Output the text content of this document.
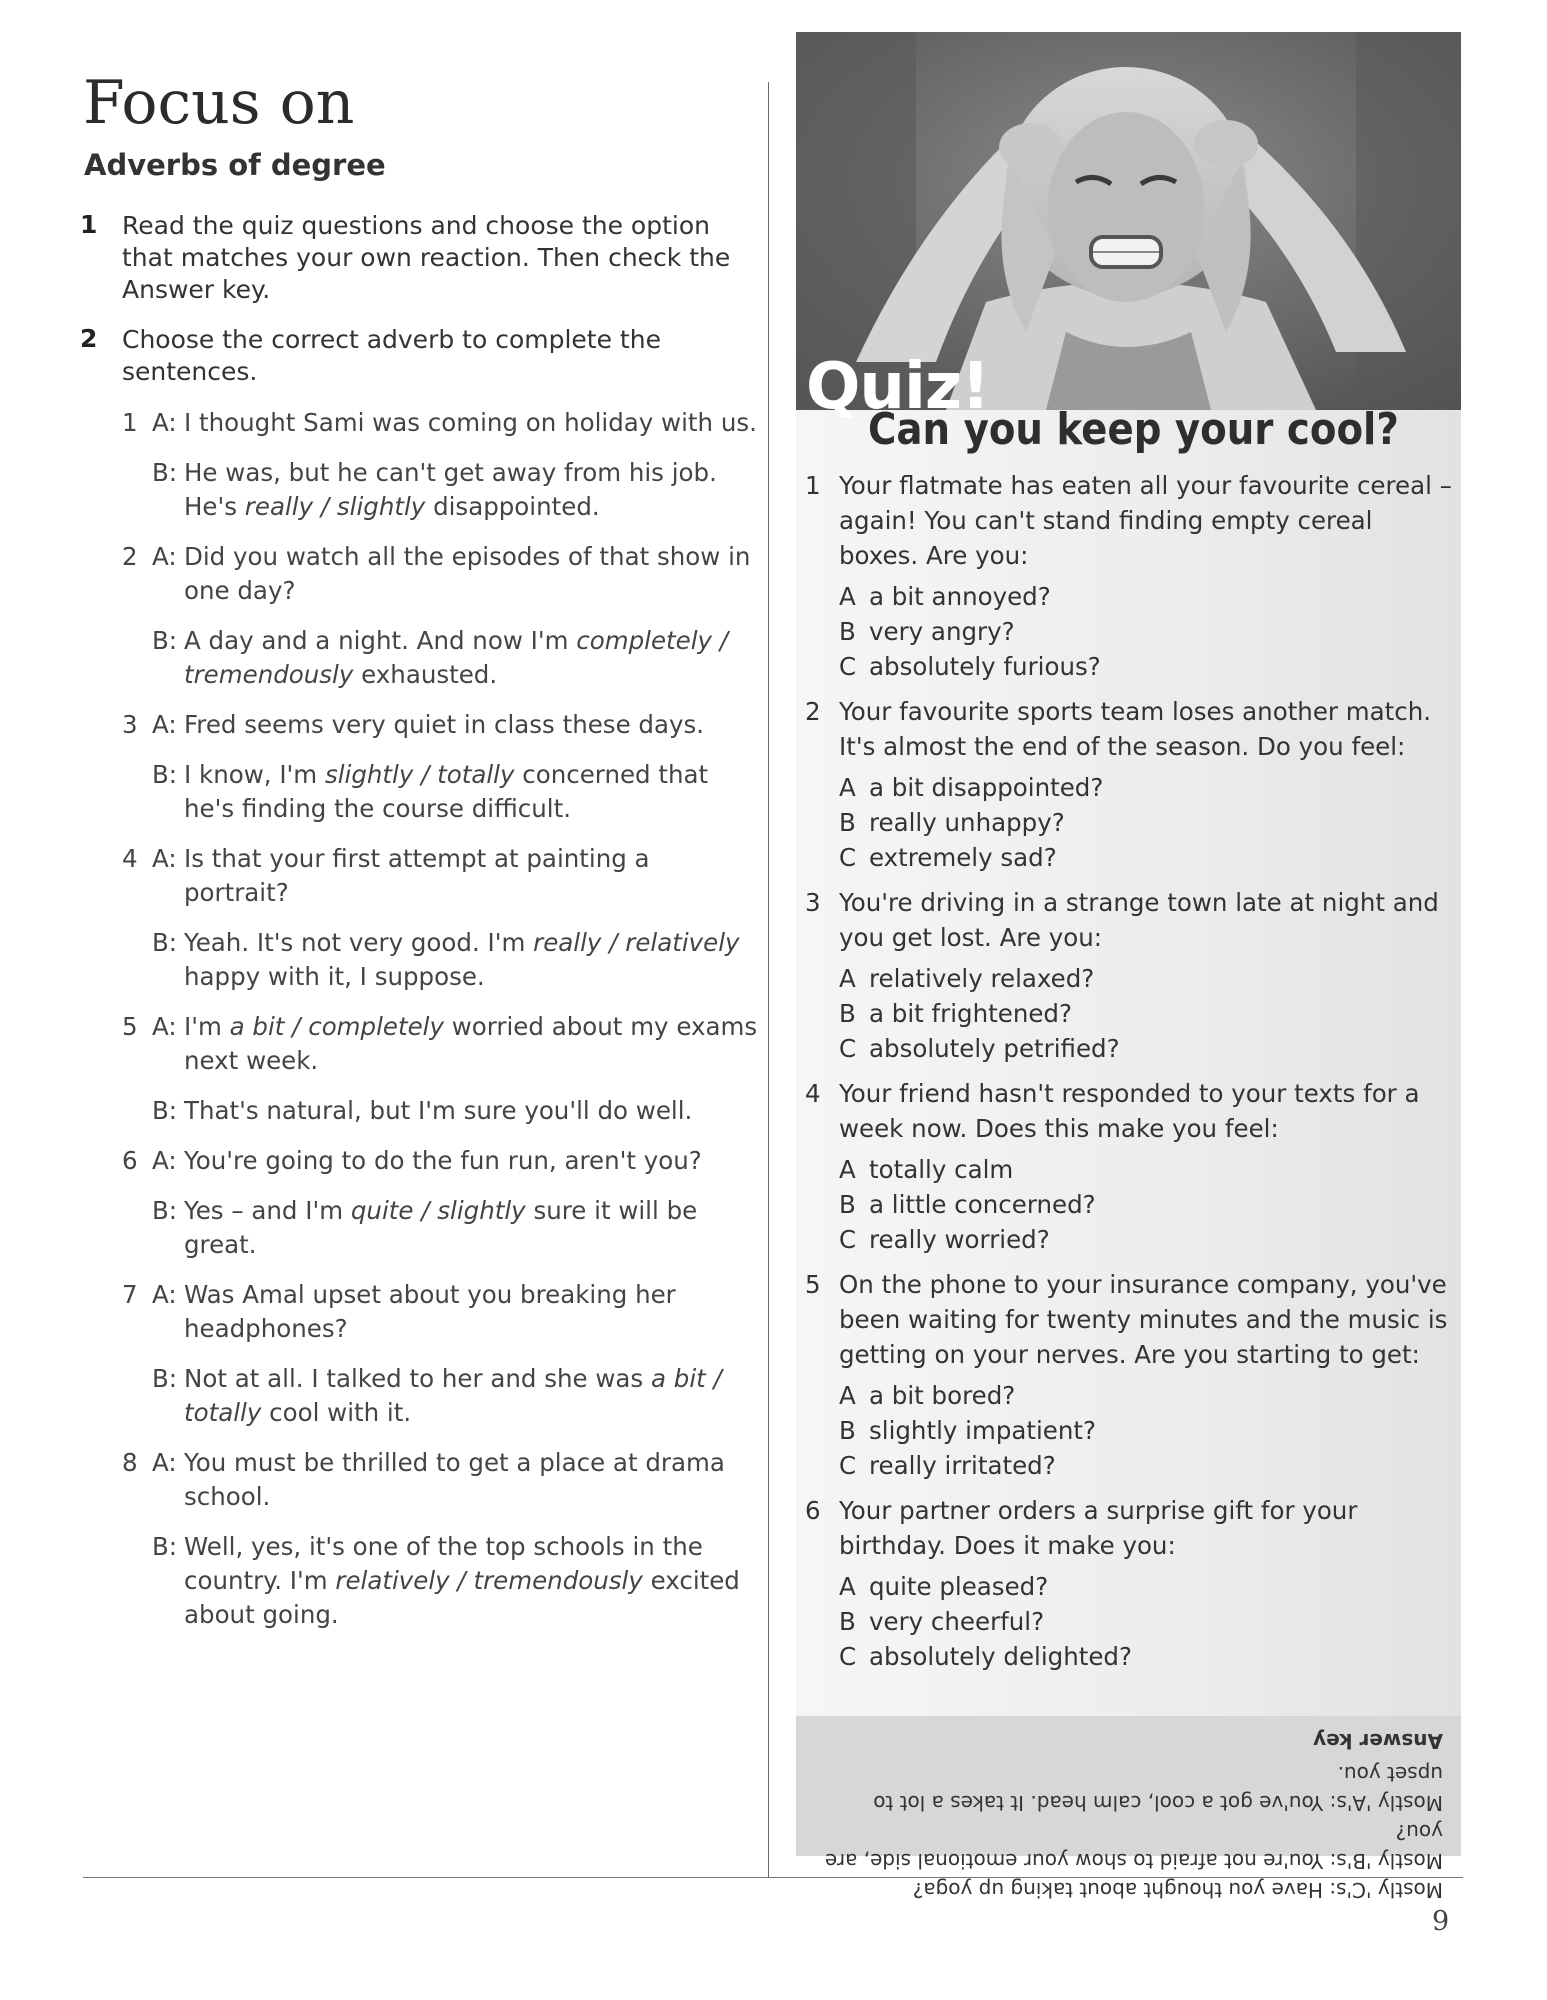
Focus on
Adverbs of degree
1 Read the quiz questions and choose the option that matches your own reaction. Then check the Answer key.
2 Choose the correct adverb to complete the sentences.
1 A: I thought Sami was coming on holiday with us.
B: He was, but he can't get away from his job. He's really / slightly disappointed.
2 A: Did you watch all the episodes of that show in one day?
B: A day and a night. And now I'm completely / tremendously exhausted.
3 A: Fred seems very quiet in class these days.
B: I know, I'm slightly / totally concerned that he's finding the course difficult.
4 A: Is that your first attempt at painting a portrait?
B: Yeah. It's not very good. I'm really / relatively happy with it, I suppose.
5 A: I'm a bit / completely worried about my exams next week.
B: That's natural, but I'm sure you'll do well.
6 A: You're going to do the fun run, aren't you?
B: Yes – and I'm quite / slightly sure it will be great.
7 A: Was Amal upset about you breaking her headphones?
B: Not at all. I talked to her and she was a bit / totally cool with it.
8 A: You must be thrilled to get a place at drama school.
B: Well, yes, it's one of the top schools in the country. I'm relatively / tremendously excited about going.
Quiz!
Can you keep your cool?
1 Your flatmate has eaten all your favourite cereal – again! You can't stand finding empty cereal boxes. Are you:
A a bit annoyed?
B very angry?
C absolutely furious?
2 Your favourite sports team loses another match. It's almost the end of the season. Do you feel:
A a bit disappointed?
B really unhappy?
C extremely sad?
3 You're driving in a strange town late at night and you get lost. Are you:
A relatively relaxed?
B a bit frightened?
C absolutely petrified?
4 Your friend hasn't responded to your texts for a week now. Does this make you feel:
A totally calm
B a little concerned?
C really worried?
5 On the phone to your insurance company, you've been waiting for twenty minutes and the music is getting on your nerves. Are you starting to get:
A a bit bored?
B slightly impatient?
C really irritated?
6 Your partner orders a surprise gift for your birthday. Does it make you:
A quite pleased?
B very cheerful?
C absolutely delighted?
Mostly 'C's: Have you thought about taking up yoga?
Mostly 'B's: You're not afraid to show your emotional side, are you?
Mostly 'A's: You've got a cool, calm head. It takes a lot to upset you.
Answer key
9
